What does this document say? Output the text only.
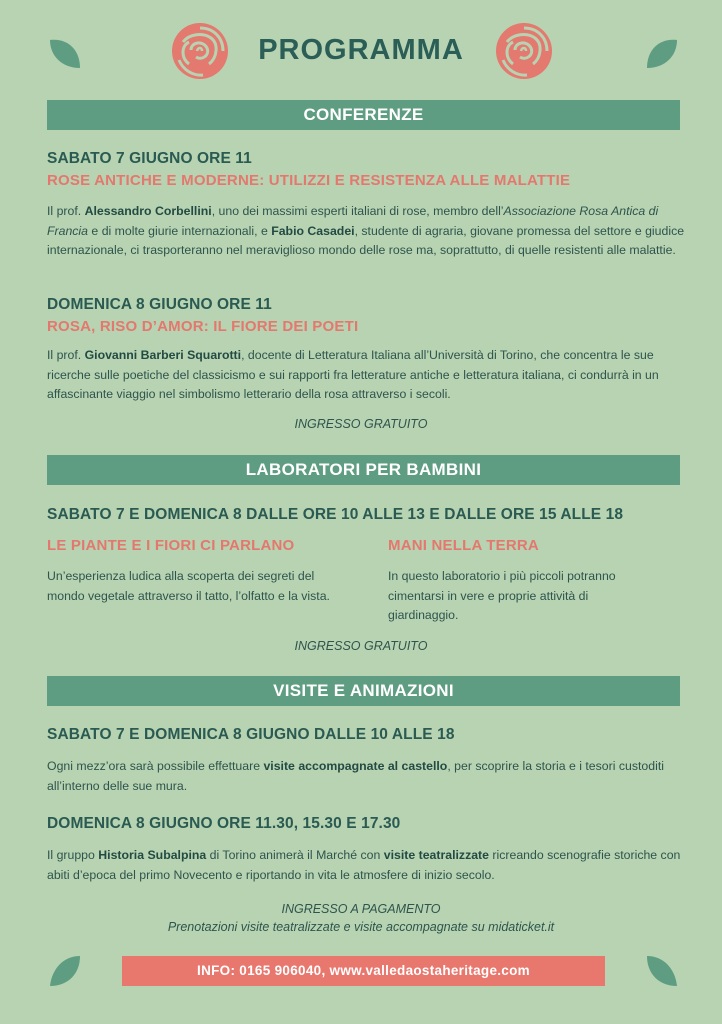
PROGRAMMA
CONFERENZE
SABATO 7 GIUGNO ORE 11
ROSE ANTICHE E MODERNE: UTILIZZI E RESISTENZA ALLE MALATTIE
Il prof. Alessandro Corbellini, uno dei massimi esperti italiani di rose, membro dell’Associazione Rosa Antica di Francia e di molte giurie internazionali, e Fabio Casadei, studente di agraria, giovane promessa del settore e giudice internazionale, ci trasporteranno nel meraviglioso mondo delle rose ma, soprattutto, di quelle resistenti alle malattie.
DOMENICA 8 GIUGNO ORE 11
ROSA, RISO D’AMOR: IL FIORE DEI POETI
Il prof. Giovanni Barberi Squarotti, docente di Letteratura Italiana all’Università di Torino, che concentra le sue ricerche sulle poetiche del classicismo e sui rapporti fra letterature antiche e letteratura italiana, ci condurrà in un affascinante viaggio nel simbolismo letterario della rosa attraverso i secoli.
INGRESSO GRATUITO
LABORATORI PER BAMBINI
SABATO 7 E DOMENICA 8 DALLE ORE 10 ALLE 13 E DALLE ORE 15 ALLE 18
LE PIANTE E I FIORI CI PARLANO
Un’esperienza ludica alla scoperta dei segreti del mondo vegetale attraverso il tatto, l’olfatto e la vista.
MANI NELLA TERRA
In questo laboratorio i più piccoli potranno cimentarsi in vere e proprie attività di giardinaggio.
INGRESSO GRATUITO
VISITE E ANIMAZIONI
SABATO 7 E DOMENICA 8 GIUGNO DALLE 10 ALLE 18
Ogni mezz’ora sarà possibile effettuare visite accompagnate al castello, per scoprire la storia e i tesori custoditi all’interno delle sue mura.
DOMENICA 8 GIUGNO ORE 11.30, 15.30 E 17.30
Il gruppo Historia Subalpina di Torino animerà il Marché con visite teatralizzate ricreando scenografie storiche con abiti d’epoca del primo Novecento e riportando in vita le atmosfere di inizio secolo.
INGRESSO A PAGAMENTO
Prenotazioni visite teatralizzate e visite accompagnate su midaticket.it
INFO: 0165 906040, www.valledaostaheritage.com
